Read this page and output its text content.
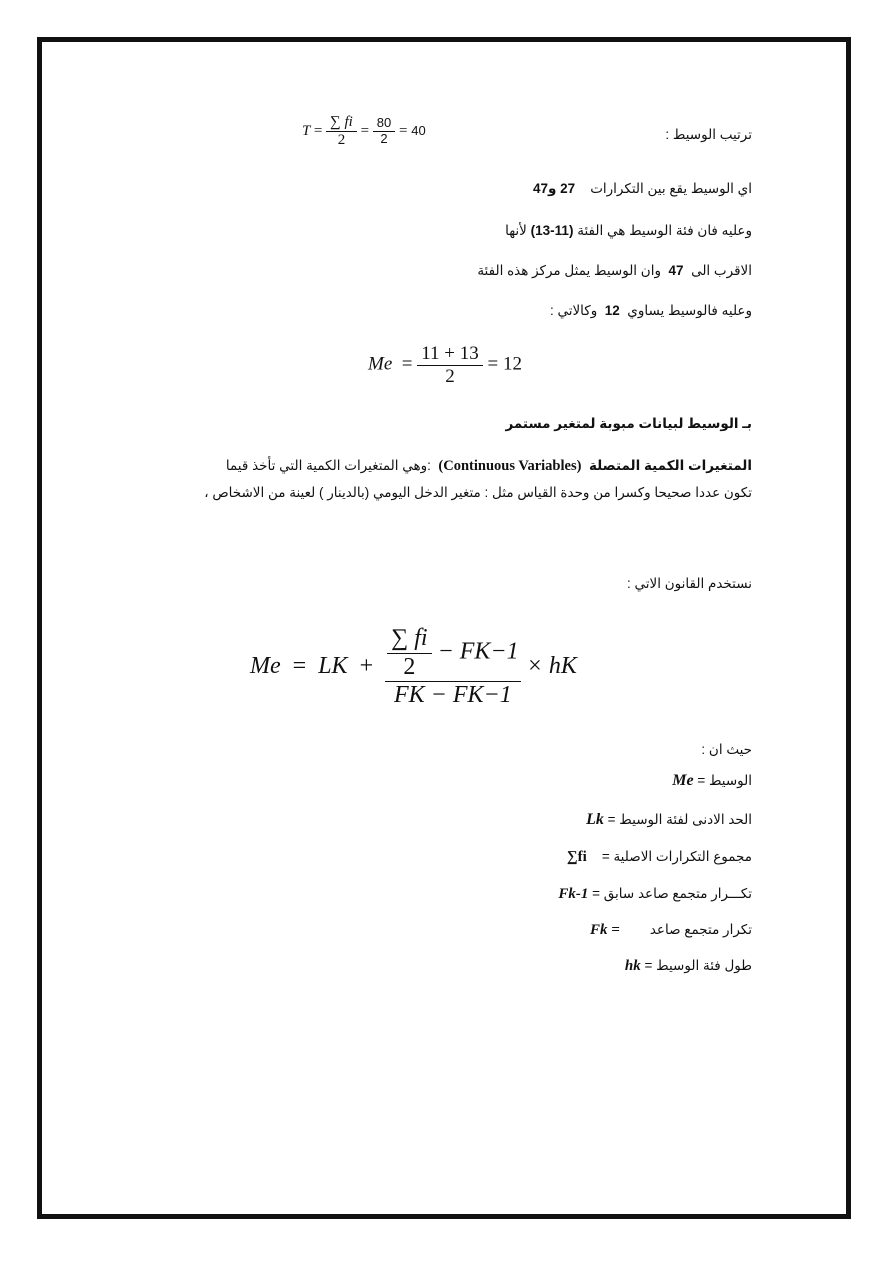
$T = \frac{\sum fi}{2} = \frac{80}{2} = 40$	ترتيب الوسيط :
اي الوسيط يقع بين التكرارات    27 و47
وعليه فان فئة الوسيط هي الفئة (11-13) لأنها
الاقرب الى  47  وان الوسيط يمثل مركز هذه الفئة
وعليه فالوسيط يساوي  12  وكالاتي :
$Me = \frac{11 + 13}{2} = 12$
بـ الوسيط لبيانات مبوبة لمتغير مستمر
المتغيرات الكمية المتصلة  (Continuous Variables)  :وهي المتغيرات الكمية التي تأخذ قيما
تكون عددا صحيحا وكسرا من وحدة القياس مثل : متغير الدخل اليومي (بالدينار ) لعينة من الاشخاص ،
نستخدم القانون الاتي :
Me  =  LK  + $\frac{\frac{\sum fi}{2} - FK-1}{FK - FK-1}$ × hK
حيث ان :
الوسيط = Me
الحد الادنى لفئة الوسيط = Lk
مجموع التكرارات الاصلية =    ∑fi
تكـــرار متجمع صاعد سابق = Fk-1
تكرار متجمع صاعد        Fk =
طول فئة الوسيط = hk
